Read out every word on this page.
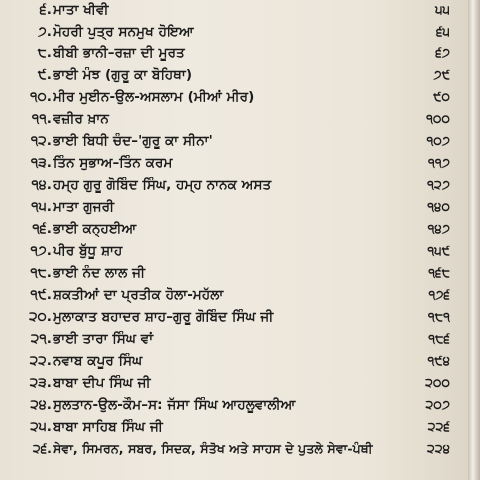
੬. ਮਾਤਾ ਖੀਵੀ	੫੫
੭. ਮੋਹਰੀ ਪੁਤ੍ਰ ਸਨਮੁਖ ਹੋਇਆ	੬੫
੮. ਬੀਬੀ ਭਾਨੀ–ਰਜ਼ਾ ਦੀ ਮੂਰਤ	੬੭
੯. ਭਾਈ ਮੰਝ (ਗੁਰੂ ਕਾ ਬੋਹਿਥਾ)	੭੯
੧੦. ਮੀਰ ਮੁਈਨ-ਉਲ-ਅਸਲਾਮ (ਮੀਆਂ ਮੀਰ)	੯੦
੧੧. ਵਜ਼ੀਰ ਖ਼ਾਨ	੧੦੦
੧੨. ਭਾਈ ਬਿਧੀ ਚੰਦ–'ਗੁਰੂ ਕਾ ਸੀਨਾ'	੧੦੭
੧੩. ਤਿੰਨ ਸੁਭਾਅ–ਤਿੰਨ ਕਰਮ	੧੧੭
੧੪. ਹਮ੍ਹ ਗੁਰੂ ਗੋਬਿੰਦ ਸਿੰਘ, ਹਮ੍ਹ ਨਾਨਕ ਅਸਤ	੧੨੭
੧੫. ਮਾਤਾ ਗੁਜਰੀ	੧੪੦
੧੬. ਭਾਈ ਕਨ੍ਹਈਆ	੧੪੭
੧੭. ਪੀਰ ਬੁੱਧੂ ਸ਼ਾਹ	੧੫੯
੧੮. ਭਾਈ ਨੰਦ ਲਾਲ ਜੀ	੧੬੮
੧੯. ਸ਼ਕਤੀਆਂ ਦਾ ਪ੍ਰਤੀਕ ਹੋਲਾ-ਮਹੱਲਾ	੧੭੬
੨੦. ਮੁਲਾਕਾਤ ਬਹਾਦਰ ਸ਼ਾਹ–ਗੁਰੂ ਗੋਬਿੰਦ ਸਿੰਘ ਜੀ	੧੮੧
੨੧. ਭਾਈ ਤਾਰਾ ਸਿੰਘ ਵਾਂ	੧੮੬
੨੨. ਨਵਾਬ ਕਪੂਰ ਸਿੰਘ	੧੯੪
੨੩. ਬਾਬਾ ਦੀਪ ਸਿੰਘ ਜੀ	੨੦੦
੨੪. ਸੁਲਤਾਨ-ਉਲ-ਕੌਮ–ਸ: ਜੱਸਾ ਸਿੰਘ ਆਹਲੂਵਾਲੀਆ	੨੦੭
੨੫. ਬਾਬਾ ਸਾਹਿਬ ਸਿੰਘ ਜੀ	੨੨੬
੨੬. ਸੇਵਾ, ਸਿਮਰਨ, ਸਬਰ, ਸਿਦਕ, ਸੰਤੋਖ ਅਤੇ ਸਾਹਸ ਦੇ ਪੁਤਲੇ ਸੇਵਾ-ਪੰਥੀ	੨੨੪
